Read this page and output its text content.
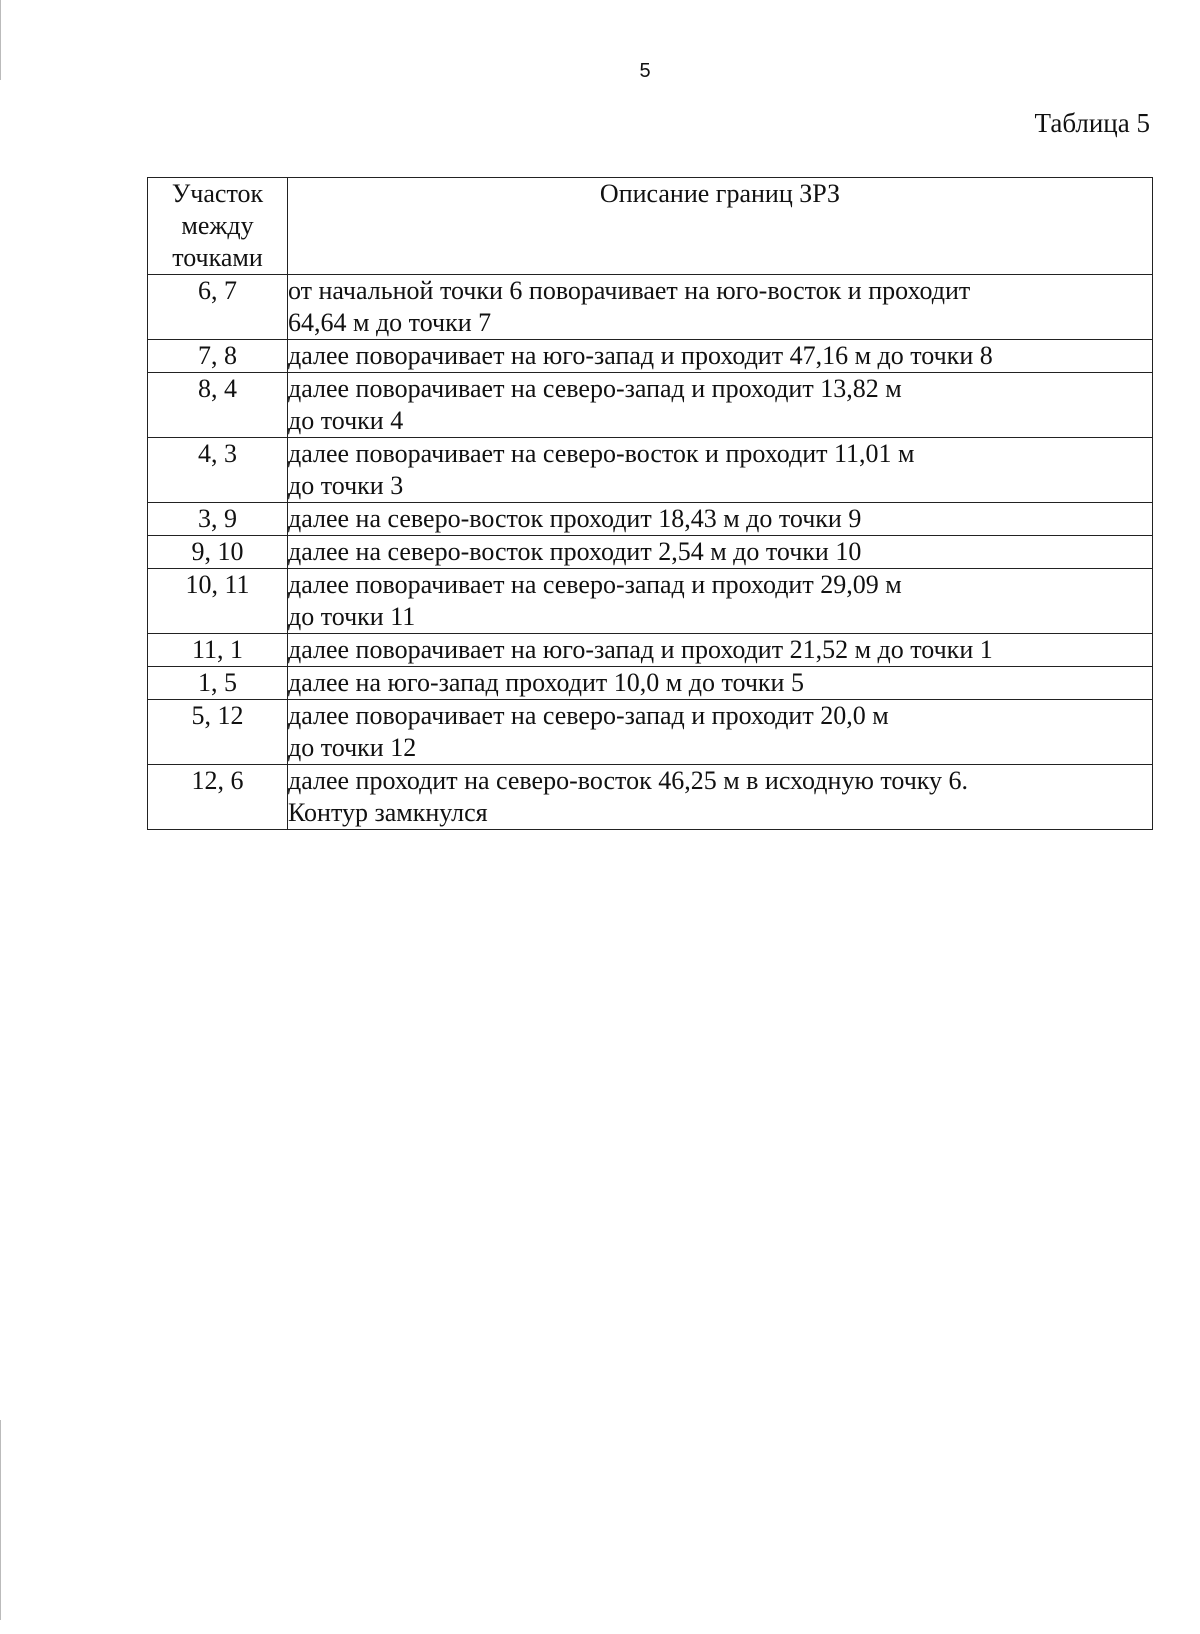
5
Таблица 5
Участок
между
точками	Описание границ ЗРЗ
6, 7	от начальной точки 6 поворачивает на юго-восток и проходит
64,64 м до точки 7

7, 8	далее поворачивает на юго-запад и проходит 47,16 м до точки 8

8, 4	далее поворачивает на северо-запад и проходит 13,82 м
до точки 4

4, 3	далее поворачивает на северо-восток и проходит 11,01 м
до точки 3

3, 9	далее на северо-восток проходит 18,43 м до точки 9

9, 10	далее на северо-восток проходит 2,54 м до точки 10

10, 11	далее поворачивает на северо-запад и проходит 29,09 м
до точки 11

11, 1	далее поворачивает на юго-запад и проходит 21,52 м до точки 1

1, 5	далее на юго-запад проходит 10,0 м до точки 5

5, 12	далее поворачивает на северо-запад и проходит 20,0 м
до точки 12

12, 6	далее проходит на северо-восток 46,25 м в исходную точку 6.
Контур замкнулся
